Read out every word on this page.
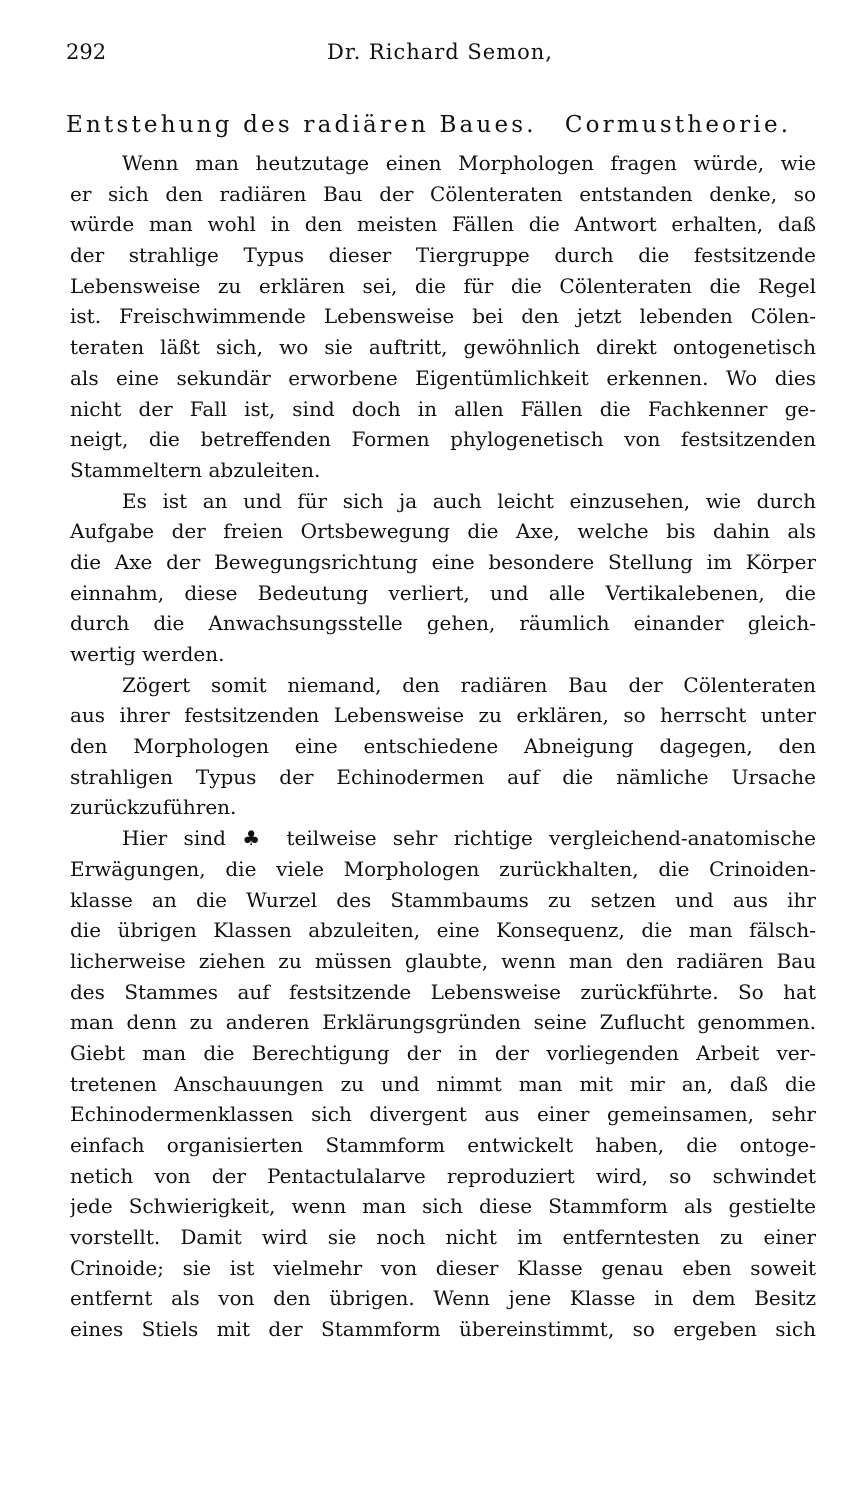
292	Dr. Richard Semon,
Entstehung des radiären Baues. Cormustheorie.
Wenn man heutzutage einen Morphologen fragen würde, wie
er sich den radiären Bau der Cölenteraten entstanden denke, so
würde man wohl in den meisten Fällen die Antwort erhalten, daß
der strahlige Typus dieser Tiergruppe durch die festsitzende
Lebensweise zu erklären sei, die für die Cölenteraten die Regel
ist. Freischwimmende Lebensweise bei den jetzt lebenden Cölen-
teraten läßt sich, wo sie auftritt, gewöhnlich direkt ontogenetisch
als eine sekundär erworbene Eigentümlichkeit erkennen. Wo dies
nicht der Fall ist, sind doch in allen Fällen die Fachkenner ge-
neigt, die betreffenden Formen phylogenetisch von festsitzenden
Stammeltern abzuleiten.
Es ist an und für sich ja auch leicht einzusehen, wie durch
Aufgabe der freien Ortsbewegung die Axe, welche bis dahin als
die Axe der Bewegungsrichtung eine besondere Stellung im Körper
einnahm, diese Bedeutung verliert, und alle Vertikalebenen, die
durch die Anwachsungsstelle gehen, räumlich einander gleich-
wertig werden.
Zögert somit niemand, den radiären Bau der Cölenteraten
aus ihrer festsitzenden Lebensweise zu erklären, so herrscht unter
den Morphologen eine entschiedene Abneigung dagegen, den
strahligen Typus der Echinodermen auf die nämliche Ursache
zurückzuführen.
Hier sind ♣ teilweise sehr richtige vergleichend-anatomische
Erwägungen, die viele Morphologen zurückhalten, die Crinoiden-
klasse an die Wurzel des Stammbaums zu setzen und aus ihr
die übrigen Klassen abzuleiten, eine Konsequenz, die man fälsch-
licherweise ziehen zu müssen glaubte, wenn man den radiären Bau
des Stammes auf festsitzende Lebensweise zurückführte. So hat
man denn zu anderen Erklärungsgründen seine Zuflucht genommen.
Giebt man die Berechtigung der in der vorliegenden Arbeit ver-
tretenen Anschauungen zu und nimmt man mit mir an, daß die
Echinodermenklassen sich divergent aus einer gemeinsamen, sehr
einfach organisierten Stammform entwickelt haben, die ontoge-
netich von der Pentactulalarve reproduziert wird, so schwindet
jede Schwierigkeit, wenn man sich diese Stammform als gestielte
vorstellt. Damit wird sie noch nicht im entferntesten zu einer
Crinoide; sie ist vielmehr von dieser Klasse genau eben soweit
entfernt als von den übrigen. Wenn jene Klasse in dem Besitz
eines Stiels mit der Stammform übereinstimmt, so ergeben sich
